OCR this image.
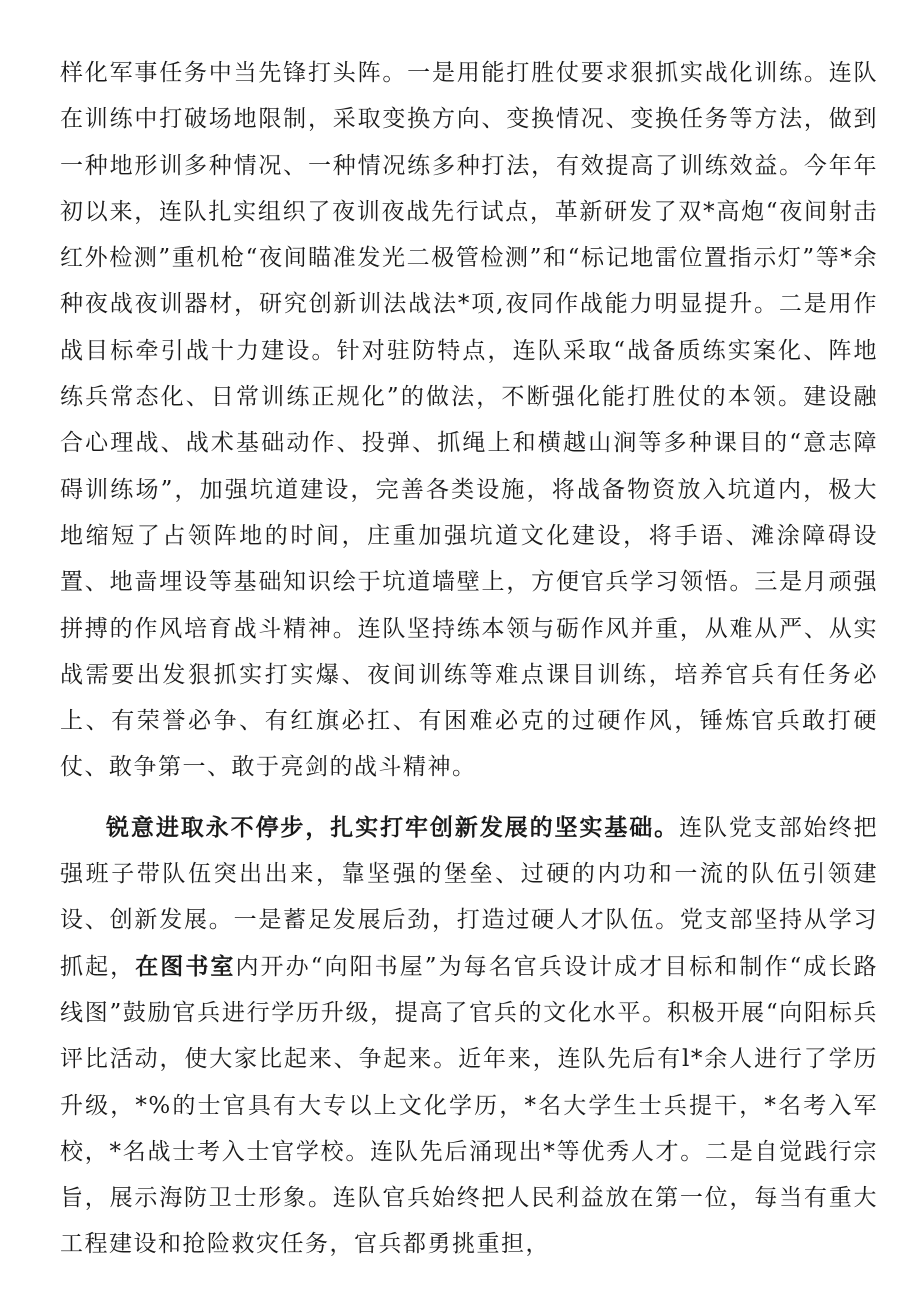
样化军事任务中当先锋打头阵。一是用能打胜仗要求狠抓实战化训练。连队在训练中打破场地限制，采取变换方向、变换情况、变换任务等方法，做到一种地形训多种情况、一种情况练多种打法，有效提高了训练效益。今年年初以来，连队扎实组织了夜训夜战先行试点，革新研发了双*高炮“夜间射击红外检测”重机枪“夜间瞄准发光二极管检测”和“标记地雷位置指示灯”等*余种夜战夜训器材，研究创新训法战法*项,夜同作战能力明显提升。二是用作战目标牵引战十力建设。针对驻防特点，连队采取“战备质练实案化、阵地练兵常态化、日常训练正规化”的做法，不断强化能打胜仗的本领。建设融合心理战、战术基础动作、投弹、抓绳上和横越山涧等多种课目的“意志障碍训练场”，加强坑道建设，完善各类设施，将战备物资放入坑道内，极大地缩短了占领阵地的时间，庄重加强坑道文化建设，将手语、滩涂障碍设置、地啬埋设等基础知识绘于坑道墙壁上，方便官兵学习领悟。三是月顽强拼搏的作风培育战斗精神。连队坚持练本领与砺作风并重，从难从严、从实战需要出发狠抓实打实爆、夜间训练等难点课目训练，培养官兵有任务必上、有荣誉必争、有红旗必扛、有困难必克的过硬作风，锤炼官兵敢打硬仗、敢争第一、敢于亮剑的战斗精神。

锐意进取永不停步，扎实打牢创新发展的坚实基础。连队党支部始终把强班子带队伍突出出来，靠坚强的堡垒、过硬的内功和一流的队伍引领建设、创新发展。一是蓄足发展后劲，打造过硬人才队伍。党支部坚持从学习抓起，在图书室内开办“向阳书屋”为每名官兵设计成才目标和制作“成长路线图”鼓励官兵进行学历升级，提高了官兵的文化水平。积极开展“向阳标兵评比活动，使大家比起来、争起来。近年来，连队先后有l*余人进行了学历升级，*%的士官具有大专以上文化学历，*名大学生士兵提干，*名考入军校，*名战士考入士官学校。连队先后涌现出*等优秀人才。二是自觉践行宗旨，展示海防卫士形象。连队官兵始终把人民利益放在第一位，每当有重大工程建设和抢险救灾任务，官兵都勇挑重担，
